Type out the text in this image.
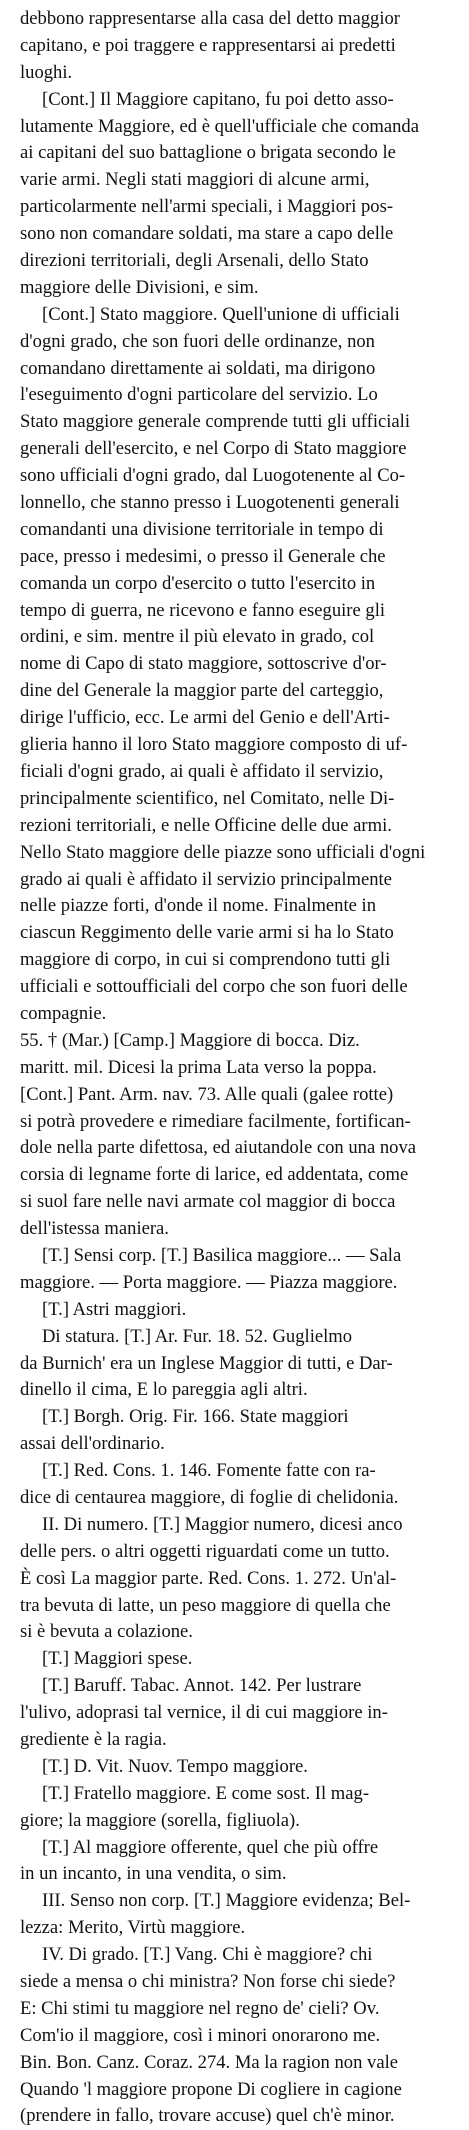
debbono rappresentarse alla casa del detto maggior
capitano, e poi traggere e rappresentarsi ai predetti
luoghi.
[Cont.] Il Maggiore capitano, fu poi detto asso-
lutamente Maggiore, ed è quell'ufficiale che comanda
ai capitani del suo battaglione o brigata secondo le
varie armi. Negli stati maggiori di alcune armi,
particolarmente nell'armi speciali, i Maggiori pos-
sono non comandare soldati, ma stare a capo delle
direzioni territoriali, degli Arsenali, dello Stato
maggiore delle Divisioni, e sim.
[Cont.] Stato maggiore. Quell'unione di ufficiali
d'ogni grado, che son fuori delle ordinanze, non
comandano direttamente ai soldati, ma dirigono
l'eseguimento d'ogni particolare del servizio. Lo
Stato maggiore generale comprende tutti gli ufficiali
generali dell'esercito, e nel Corpo di Stato maggiore
sono ufficiali d'ogni grado, dal Luogotenente al Co-
lonnello, che stanno presso i Luogotenenti generali
comandanti una divisione territoriale in tempo di
pace, presso i medesimi, o presso il Generale che
comanda un corpo d'esercito o tutto l'esercito in
tempo di guerra, ne ricevono e fanno eseguire gli
ordini, e sim. mentre il più elevato in grado, col
nome di Capo di stato maggiore, sottoscrive d'or-
dine del Generale la maggior parte del carteggio,
dirige l'ufficio, ecc. Le armi del Genio e dell'Arti-
glieria hanno il loro Stato maggiore composto di uf-
ficiali d'ogni grado, ai quali è affidato il servizio,
principalmente scientifico, nel Comitato, nelle Di-
rezioni territoriali, e nelle Officine delle due armi.
Nello Stato maggiore delle piazze sono ufficiali d'ogni
grado ai quali è affidato il servizio principalmente
nelle piazze forti, d'onde il nome. Finalmente in
ciascun Reggimento delle varie armi si ha lo Stato
maggiore di corpo, in cui si comprendono tutti gli
ufficiali e sottoufficiali del corpo che son fuori delle
compagnie.
55. † (Mar.) [Camp.] Maggiore di bocca. Diz.
maritt. mil. Dicesi la prima Lata verso la poppa.
[Cont.] Pant. Arm. nav. 73. Alle quali (galee rotte)
si potrà provedere e rimediare facilmente, fortifican-
dole nella parte difettosa, ed aiutandole con una nova
corsia di legname forte di larice, ed addentata, come
si suol fare nelle navi armate col maggior di bocca
dell'istessa maniera.
[T.] Sensi corp. [T.] Basilica maggiore... — Sala
maggiore. — Porta maggiore. — Piazza maggiore.
[T.] Astri maggiori.
Di statura. [T.] Ar. Fur. 18. 52. Guglielmo
da Burnich' era un Inglese Maggior di tutti, e Dar-
dinello il cima, E lo pareggia agli altri.
[T.] Borgh. Orig. Fir. 166. State maggiori
assai dell'ordinario.
[T.] Red. Cons. 1. 146. Fomente fatte con ra-
dice di centaurea maggiore, di foglie di chelidonia.
II. Di numero. [T.] Maggior numero, dicesi anco
delle pers. o altri oggetti riguardati come un tutto.
È così La maggior parte. Red. Cons. 1. 272. Un'al-
tra bevuta di latte, un peso maggiore di quella che
si è bevuta a colazione.
[T.] Maggiori spese.
[T.] Baruff. Tabac. Annot. 142. Per lustrare
l'ulivo, adoprasi tal vernice, il di cui maggiore in-
grediente è la ragia.
[T.] D. Vit. Nuov. Tempo maggiore.
[T.] Fratello maggiore. E come sost. Il mag-
giore; la maggiore (sorella, figliuola).
[T.] Al maggiore offerente, quel che più offre
in un incanto, in una vendita, o sim.
III. Senso non corp. [T.] Maggiore evidenza; Bel-
lezza: Merito, Virtù maggiore.
IV. Di grado. [T.] Vang. Chi è maggiore? chi
siede a mensa o chi ministra? Non forse chi siede?
E: Chi stimi tu maggiore nel regno de' cieli? Ov.
Com'io il maggiore, così i minori onorarono me.
Bin. Bon. Canz. Coraz. 274. Ma la ragion non vale
Quando 'l maggiore propone Di cogliere in cagione
(prendere in fallo, trovare accuse) quel ch'è minor.
